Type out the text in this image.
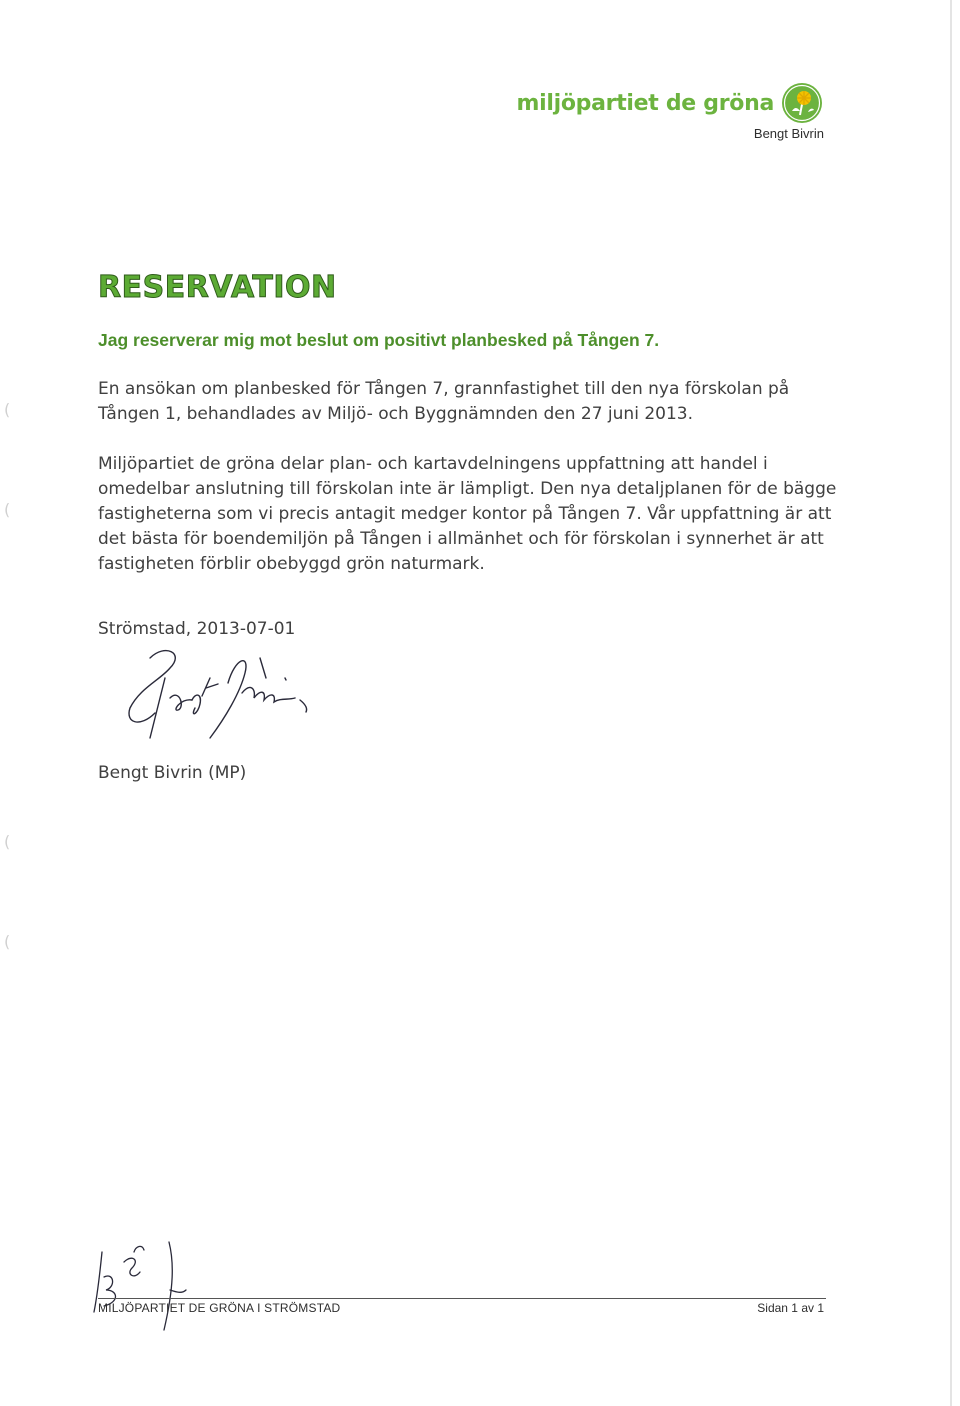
(
(
(
(
miljöpartiet de gröna
Bengt Bivrin
RESERVATION
Jag reserverar mig mot beslut om positivt planbesked på Tången 7.

En ansökan om planbesked för Tången 7, grannfastighet till den nya förskolan på Tången 1, behandlades av Miljö- och Byggnämnden den 27 juni 2013.

Miljöpartiet de gröna delar plan- och kartavdelningens uppfattning att handel i omedelbar anslutning till förskolan inte är lämpligt. Den nya detaljplanen för de bägge fastigheterna som vi precis antagit medger kontor på Tången 7. Vår uppfattning är att det bästa för boendemiljön på Tången i allmänhet och för förskolan i synnerhet är att fastigheten förblir obebyggd grön naturmark.

Strömstad, 2013-07-01
Bengt Bivrin (MP)
MILJÖPARTIET DE GRÖNA I STRÖMSTAD	Sidan 1 av 1
